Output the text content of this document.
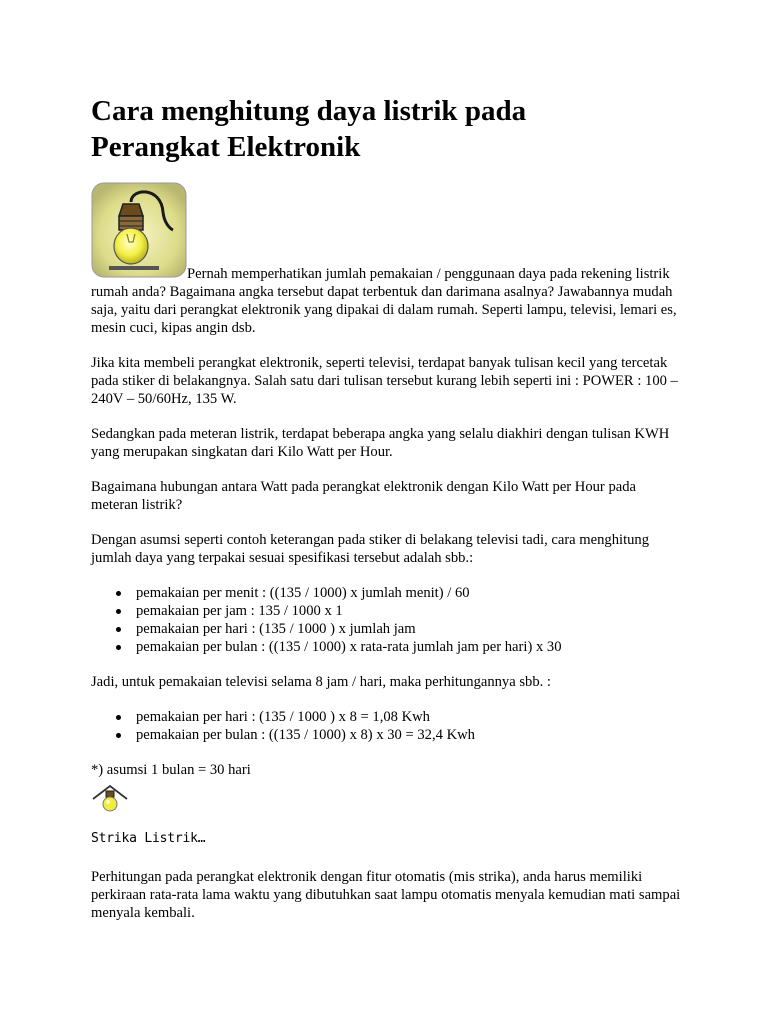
Cara menghitung daya listrik pada Perangkat Elektronik
Pernah memperhatikan jumlah pemakaian / penggunaan daya pada rekening listrik rumah anda? Bagaimana angka tersebut dapat terbentuk dan darimana asalnya? Jawabannya mudah saja, yaitu dari perangkat elektronik yang dipakai di dalam rumah. Seperti lampu, televisi, lemari es, mesin cuci, kipas angin dsb.

Jika kita membeli perangkat elektronik, seperti televisi, terdapat banyak tulisan kecil yang tercetak pada stiker di belakangnya. Salah satu dari tulisan tersebut kurang lebih seperti ini : POWER : 100 – 240V – 50/60Hz, 135 W.

Sedangkan pada meteran listrik, terdapat beberapa angka yang selalu diakhiri dengan tulisan KWH yang merupakan singkatan dari Kilo Watt per Hour.

Bagaimana hubungan antara Watt pada perangkat elektronik dengan Kilo Watt per Hour pada meteran listrik?

Dengan asumsi seperti contoh keterangan pada stiker di belakang televisi tadi, cara menghitung jumlah daya yang terpakai sesuai spesifikasi tersebut adalah sbb.:

pemakaian per menit : ((135 / 1000) x jumlah menit) / 60
pemakaian per jam : 135 / 1000 x 1
pemakaian per hari : (135 / 1000 ) x jumlah jam
pemakaian per bulan : ((135 / 1000) x rata-rata jumlah jam per hari) x 30

Jadi, untuk pemakaian televisi selama 8 jam / hari, maka perhitungannya sbb. :

pemakaian per hari : (135 / 1000 ) x 8 = 1,08 Kwh
pemakaian per bulan : ((135 / 1000) x 8) x 30 = 32,4 Kwh

*) asumsi 1 bulan = 30 hari

Strika Listrik…

Perhitungan pada perangkat elektronik dengan fitur otomatis (mis strika), anda harus memiliki perkiraan rata-rata lama waktu yang dibutuhkan saat lampu otomatis menyala kemudian mati sampai menyala kembali.
